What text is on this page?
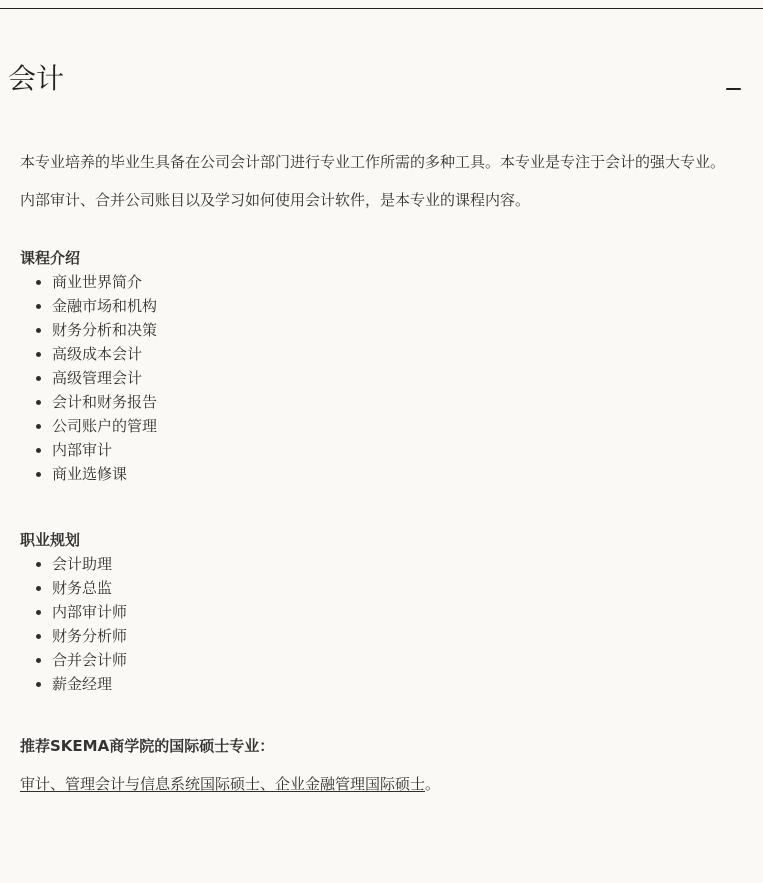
会计

本专业培养的毕业生具备在公司会计部门进行专业工作所需的多种工具。本专业是专注于会计的强大专业。

内部审计、合并公司账目以及学习如何使用会计软件，是本专业的课程内容。

课程介绍

• 商业世界简介
• 金融市场和机构
• 财务分析和决策
• 高级成本会计
• 高级管理会计
• 会计和财务报告
• 公司账户的管理
• 内部审计
• 商业选修课

职业规划

• 会计助理
• 财务总监
• 内部审计师
• 财务分析师
• 合并会计师
• 薪金经理

推荐SKEMA商学院的国际硕士专业：

审计、管理会计与信息系统国际硕士、企业金融管理国际硕士。
